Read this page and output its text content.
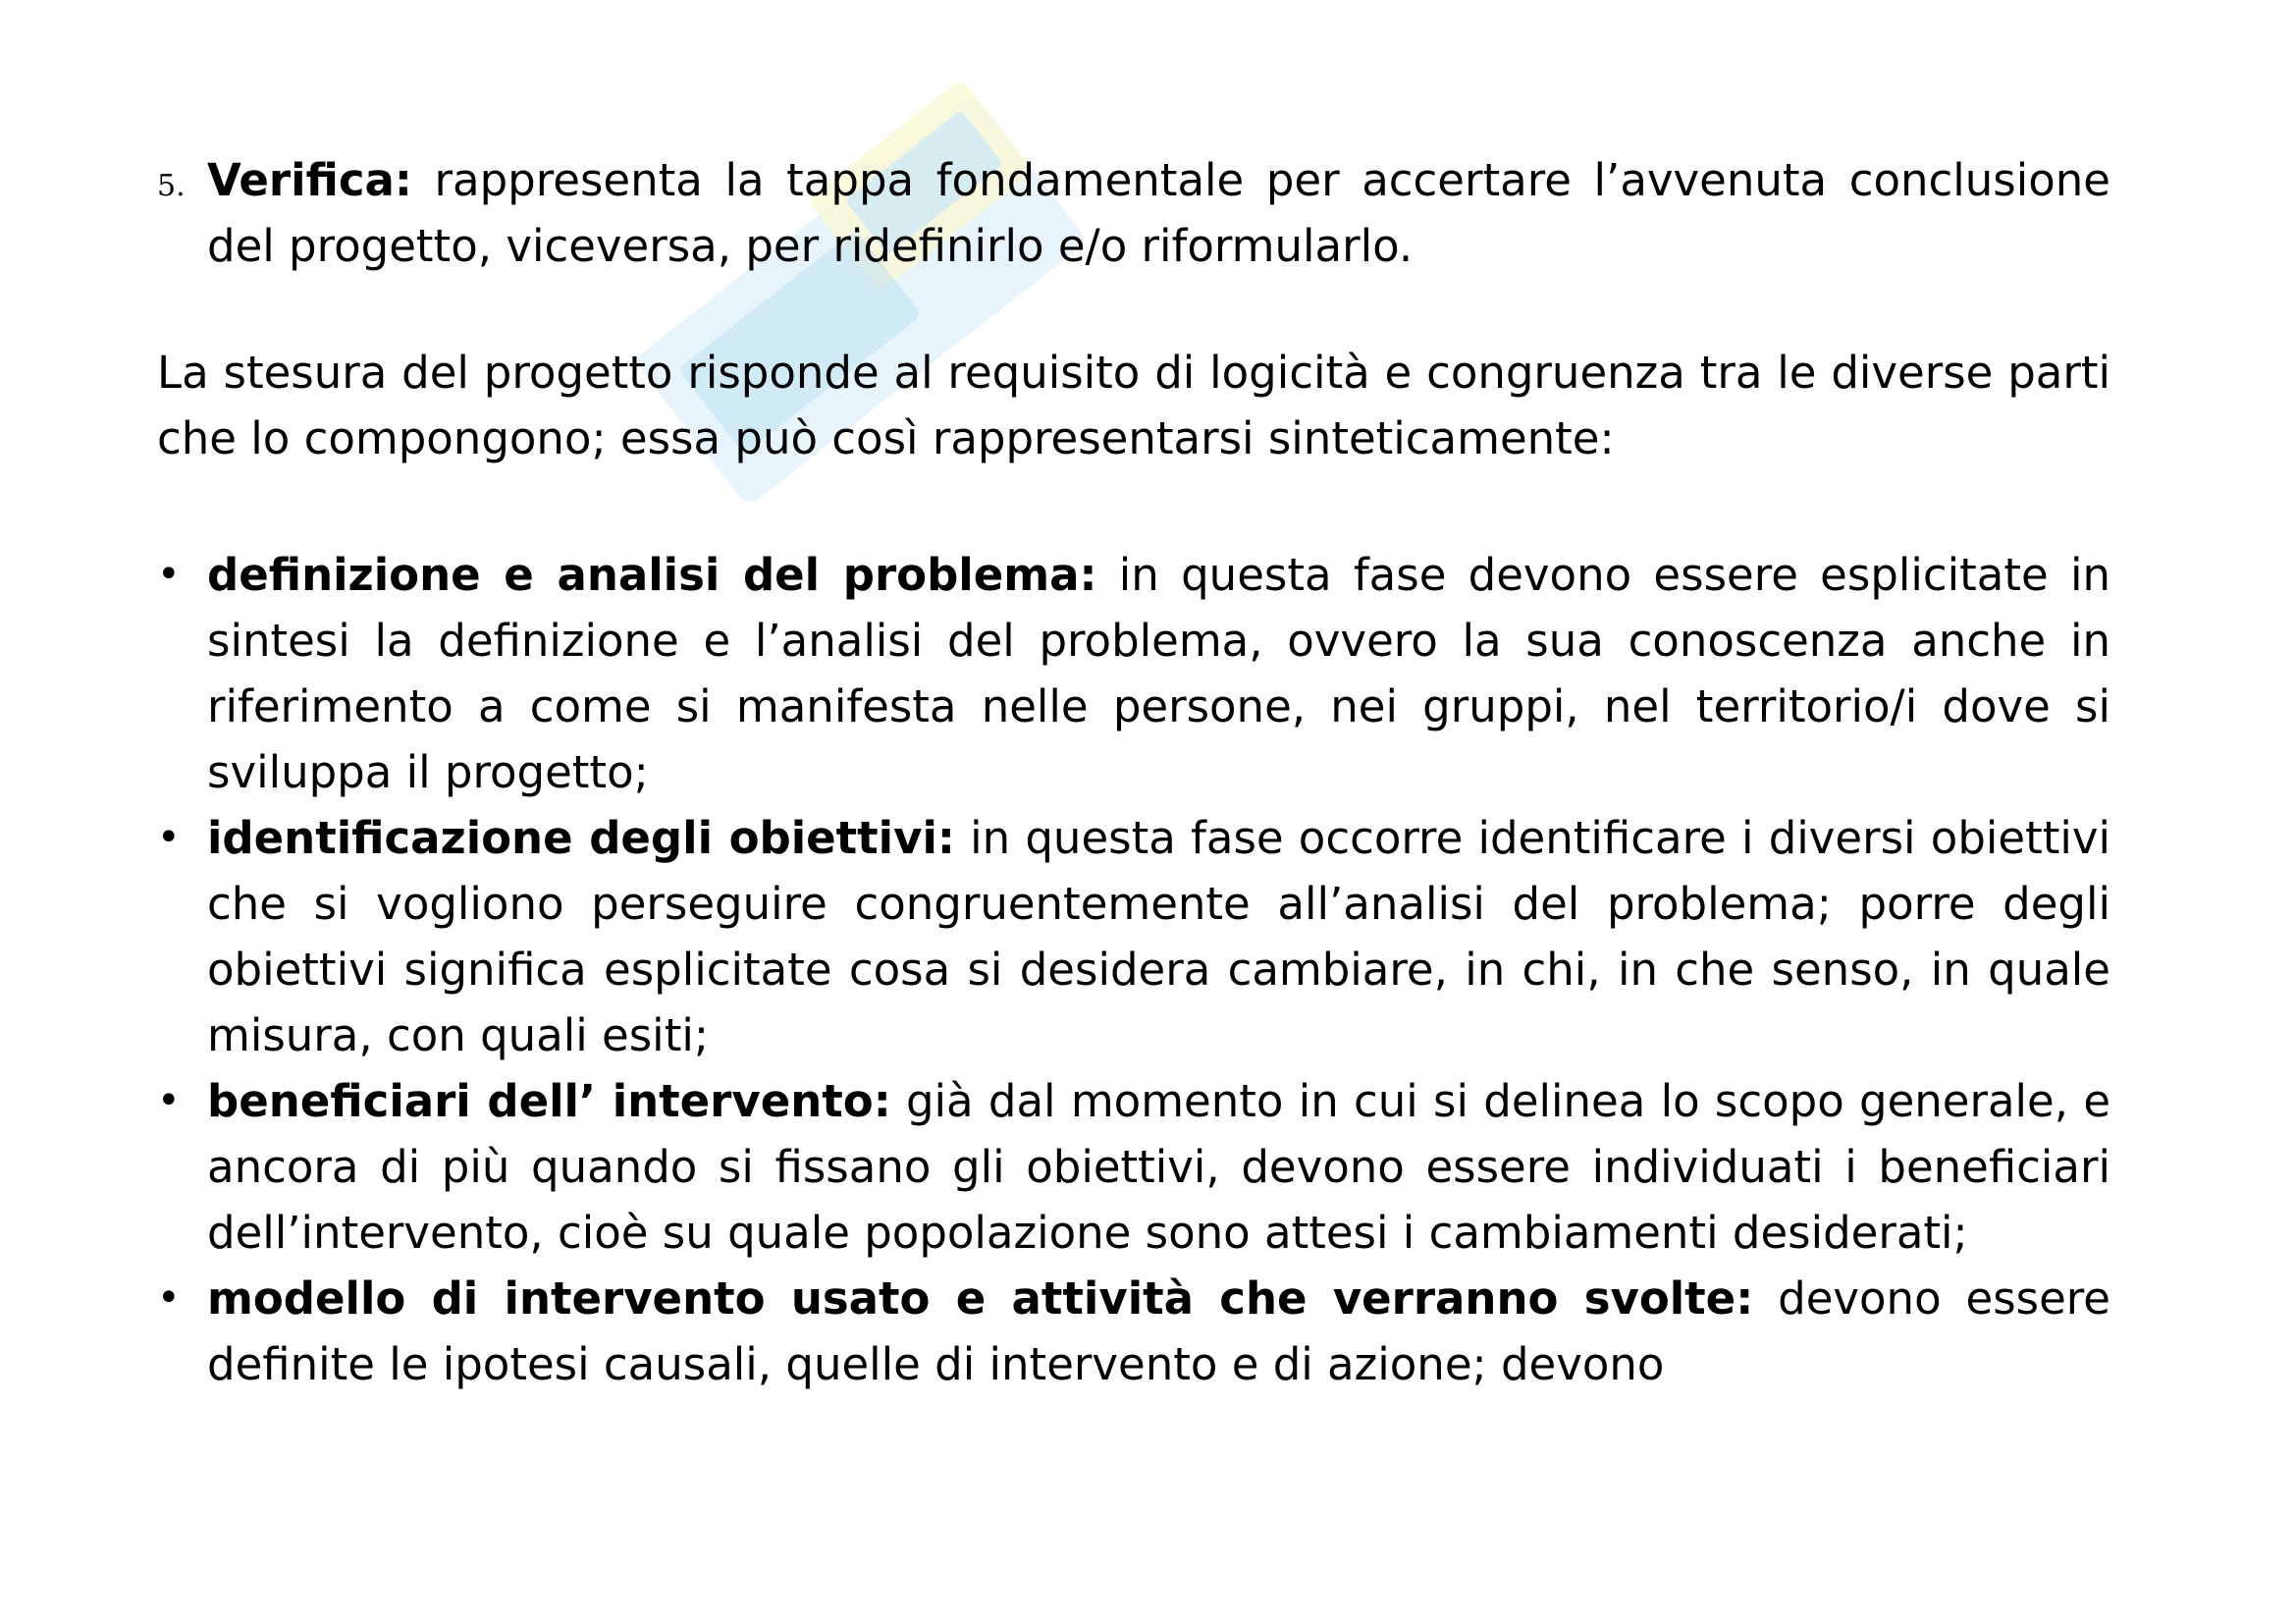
5. Verifica: rappresenta la tappa fondamentale per accertare l’avvenuta conclusione del progetto, viceversa, per ridefinirlo e/o riformularlo.
La stesura del progetto risponde al requisito di logicità e congruenza tra le diverse parti che lo compongono; essa può così rappresentarsi sinteticamente:
• definizione e analisi del problema: in questa fase devono essere esplicitate in sintesi la definizione e l’analisi del problema, ovvero la sua conoscenza anche in riferimento a come si manifesta nelle persone, nei gruppi, nel territorio/i dove si sviluppa il progetto;
• identificazione degli obiettivi: in questa fase occorre identificare i diversi obiettivi che si vogliono perseguire congruentemente all’analisi del problema; porre degli obiettivi significa esplicitate cosa si desidera cambiare, in chi, in che senso, in quale misura, con quali esiti;
• beneficiari dell’ intervento: già dal momento in cui si delinea lo scopo generale, e ancora di più quando si fissano gli obiettivi, devono essere individuati i beneficiari dell’intervento, cioè su quale popolazione sono attesi i cambiamenti desiderati;
• modello di intervento usato e attività che verranno svolte: devono essere definite le ipotesi causali, quelle di intervento e di azione; devono
